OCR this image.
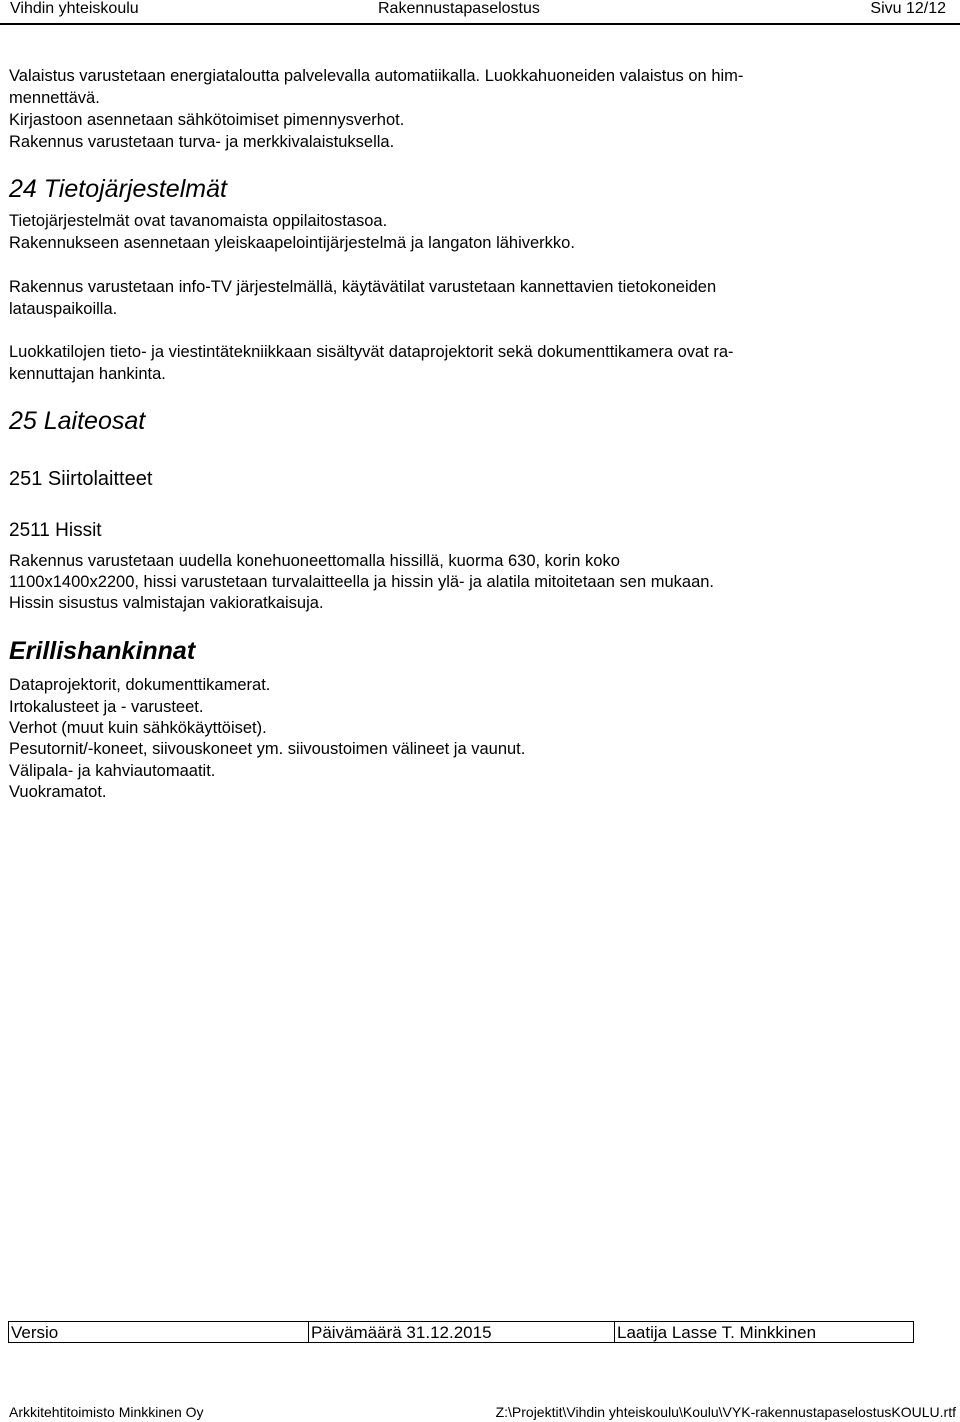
Vihdin yhteiskoulu	Rakennustapaselostus	Sivu 12/12

Valaistus varustetaan energiataloutta palvelevalla automatiikalla. Luokkahuoneiden valaistus on him-

mennettävä.

Kirjastoon asennetaan sähkötoimiset pimennysverhot.

Rakennus varustetaan turva- ja merkkivalaistuksella.

24 Tietojärjestelmät

Tietojärjestelmät ovat tavanomaista oppilaitostasoa.

Rakennukseen asennetaan yleiskaapelointijärjestelmä ja langaton lähiverkko.

Rakennus varustetaan info-TV järjestelmällä, käytävätilat varustetaan kannettavien tietokoneiden

latauspaikoilla.

Luokkatilojen tieto- ja viestintätekniikkaan sisältyvät dataprojektorit sekä dokumenttikamera ovat ra-

kennuttajan hankinta.

25 Laiteosat
251 Siirtolaitteet
2511 Hissit

Rakennus varustetaan uudella konehuoneettomalla hissillä, kuorma 630, korin koko

1100x1400x2200, hissi varustetaan turvalaitteella ja hissin ylä- ja alatila mitoitetaan sen mukaan.

Hissin sisustus valmistajan vakioratkaisuja.

Erillishankinnat

Dataprojektorit, dokumenttikamerat.

Irtokalusteet ja - varusteet.

Verhot (muut kuin sähkökäyttöiset).

Pesutornit/-koneet, siivouskoneet ym. siivoustoimen välineet ja vaunut.

Välipala- ja kahviautomaatit.

Vuokramatot.

Versio	Päivämäärä 31.12.2015	Laatija Lasse T. Minkkinen
Arkkitehtitoimisto Minkkinen Oy	Z:\Projektit\Vihdin yhteiskoulu\Koulu\VYK-rakennustapaselostusKOULU.rtf
